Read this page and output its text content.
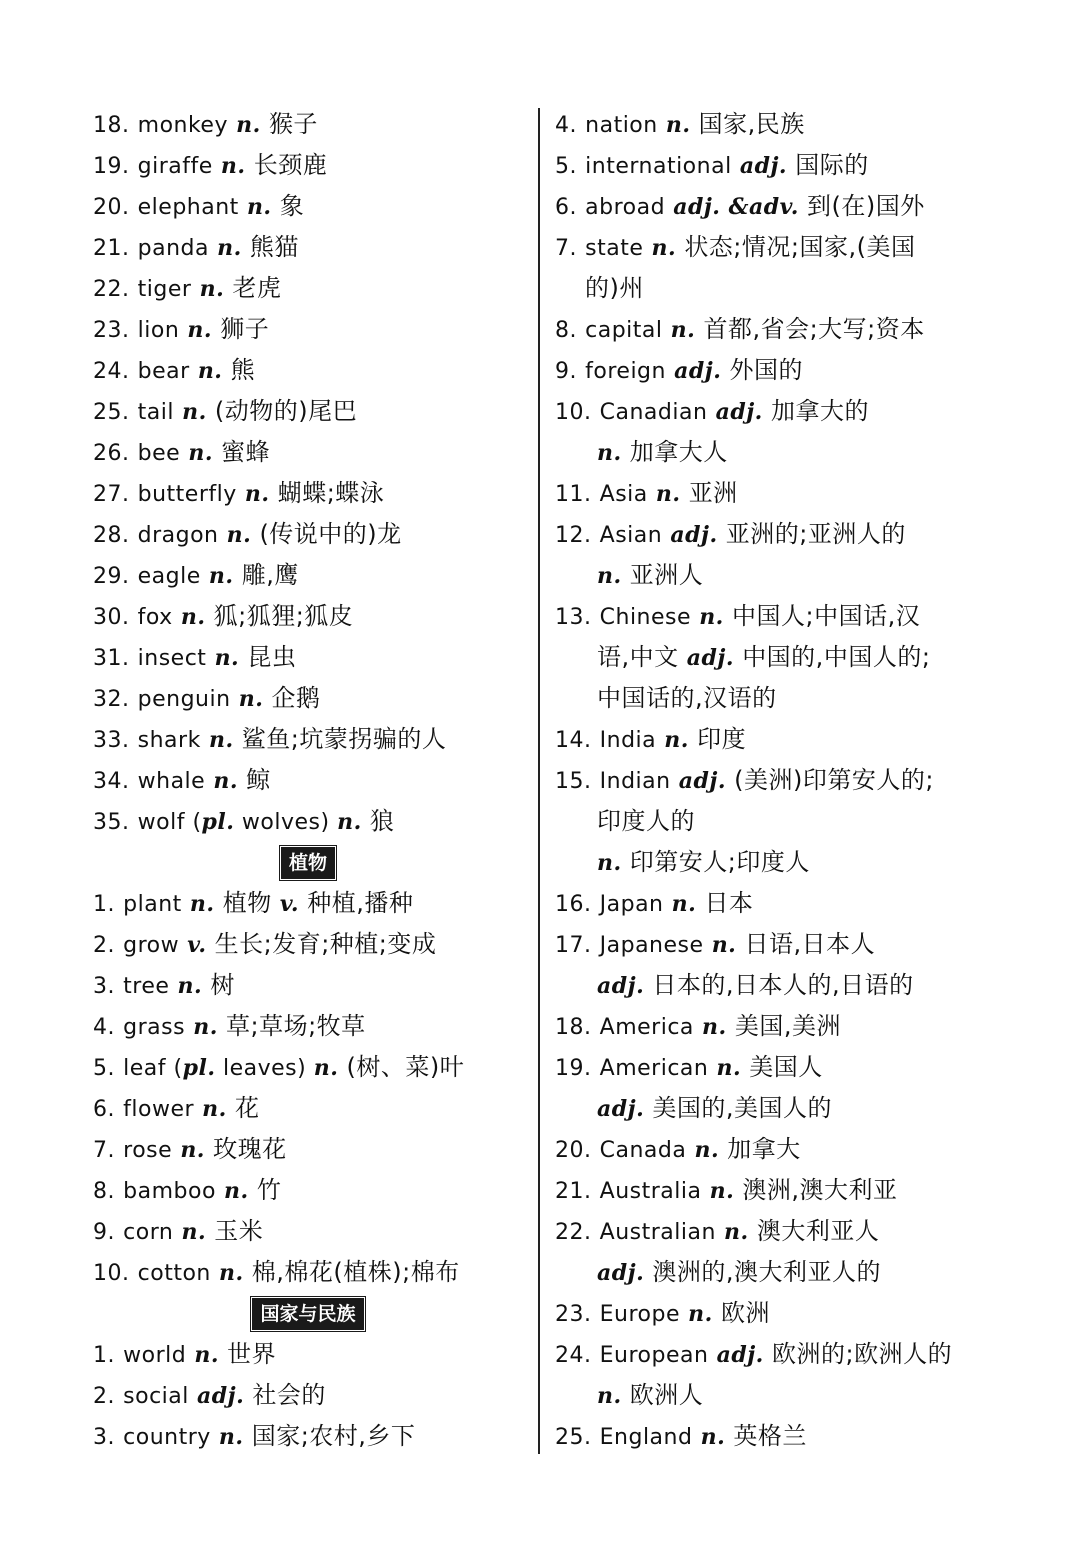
18. monkey n. 猴子
19. giraffe n. 长颈鹿
20. elephant n. 象
21. panda n. 熊猫
22. tiger n. 老虎
23. lion n. 狮子
24. bear n. 熊
25. tail n. (动物的)尾巴
26. bee n. 蜜蜂
27. butterfly n. 蝴蝶;蝶泳
28. dragon n. (传说中的)龙
29. eagle n. 雕,鹰
30. fox n. 狐;狐狸;狐皮
31. insect n. 昆虫
32. penguin n. 企鹅
33. shark n. 鲨鱼;坑蒙拐骗的人
34. whale n. 鲸
35. wolf (pl. wolves) n. 狼
植物
1. plant n. 植物 v. 种植,播种
2. grow v. 生长;发育;种植;变成
3. tree n. 树
4. grass n. 草;草场;牧草
5. leaf (pl. leaves) n. (树、菜)叶
6. flower n. 花
7. rose n. 玫瑰花
8. bamboo n. 竹
9. corn n. 玉米
10. cotton n. 棉,棉花(植株);棉布
国家与民族
1. world n. 世界
2. social adj. 社会的
3. country n. 国家;农村,乡下
4. nation n. 国家,民族
5. international adj. 国际的
6. abroad adj. &adv. 到(在)国外
7. state n. 状态;情况;国家,(美国
的)州
8. capital n. 首都,省会;大写;资本
9. foreign adj. 外国的
10. Canadian adj. 加拿大的
n. 加拿大人
11. Asia n. 亚洲
12. Asian adj. 亚洲的;亚洲人的
n. 亚洲人
13. Chinese n. 中国人;中国话,汉
语,中文 adj. 中国的,中国人的;
中国话的,汉语的
14. India n. 印度
15. Indian adj. (美洲)印第安人的;
印度人的
n. 印第安人;印度人
16. Japan n. 日本
17. Japanese n. 日语,日本人
adj. 日本的,日本人的,日语的
18. America n. 美国,美洲
19. American n. 美国人
adj. 美国的,美国人的
20. Canada n. 加拿大
21. Australia n. 澳洲,澳大利亚
22. Australian n. 澳大利亚人
adj. 澳洲的,澳大利亚人的
23. Europe n. 欧洲
24. European adj. 欧洲的;欧洲人的
n. 欧洲人
25. England n. 英格兰
